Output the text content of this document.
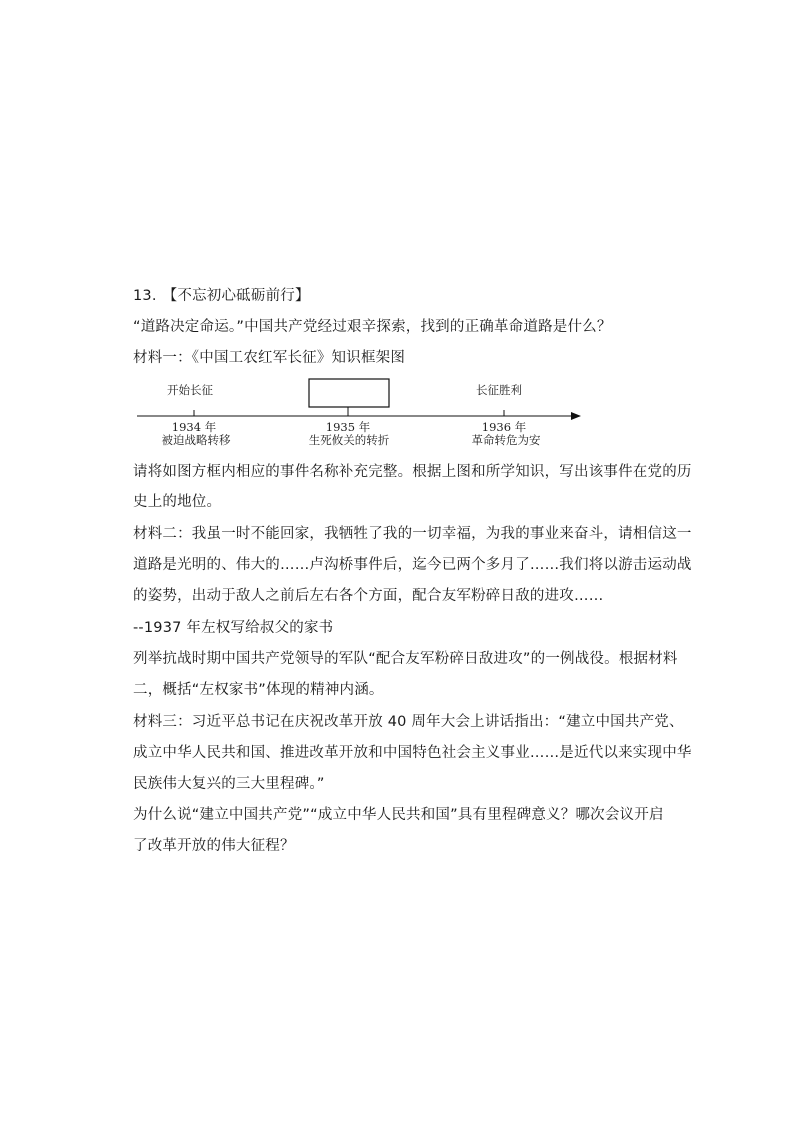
13. 【不忘初心砥砺前行】
“道路决定命运。”中国共产党经过艰辛探索，找到的正确革命道路是什么？
材料一：《中国工农红军长征》知识框架图
开始长征	长征胜利
1934 年	1935 年	1936 年
被迫战略转移	生死攸关的转折	革命转危为安
请将如图方框内相应的事件名称补充完整。根据上图和所学知识，写出该事件在党的历
史上的地位。
材料二：我虽一时不能回家，我牺牲了我的一切幸福，为我的事业来奋斗，请相信这一
道路是光明的、伟大的……卢沟桥事件后，迄今已两个多月了……我们将以游击运动战
的姿势，出动于敌人之前后左右各个方面，配合友军粉碎日敌的进攻……
--1937 年左权写给叔父的家书
列举抗战时期中国共产党领导的军队“配合友军粉碎日敌进攻”的一例战役。根据材料
二，概括“左权家书”体现的精神内涵。
材料三：习近平总书记在庆祝改革开放 40 周年大会上讲话指出：“建立中国共产党、
成立中华人民共和国、推进改革开放和中国特色社会主义事业……是近代以来实现中华
民族伟大复兴的三大里程碑。”
为什么说“建立中国共产党”“成立中华人民共和国”具有里程碑意义？哪次会议开启
了改革开放的伟大征程？
